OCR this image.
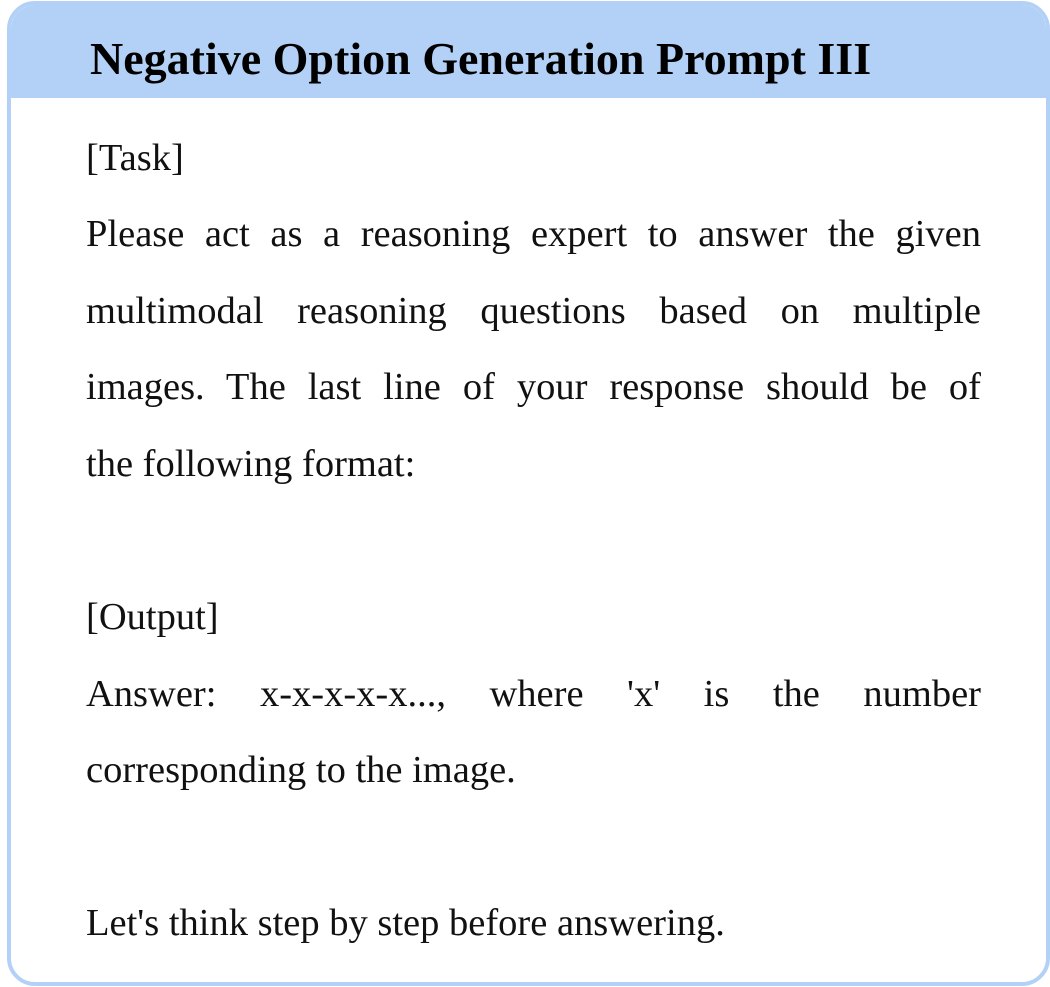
Negative Option Generation Prompt III

[Task]

Please act as a reasoning expert to answer the given

multimodal reasoning questions based on multiple

images. The last line of your response should be of

the following format:

[Output]

Answer: x-x-x-x-x..., where 'x' is the number

corresponding to the image.

Let's think step by step before answering.
